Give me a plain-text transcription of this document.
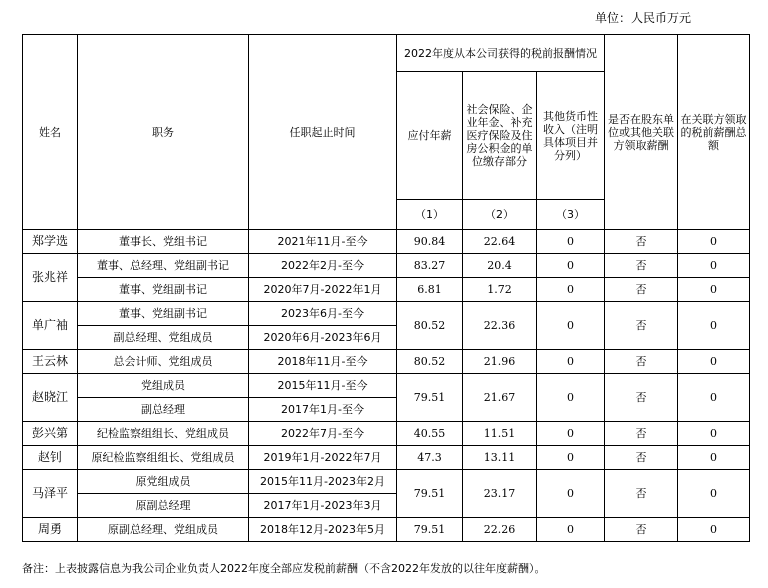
单位：人民币万元
姓名	职务	任职起止时间	2022年度从本公司获得的税前报酬情况			是否在股东单位或其他关联方领取薪酬	在关联方领取的税前薪酬总额
			应付年薪	社会保险、企业年金、补充医疗保险及住房公积金的单位缴存部分	其他货币性收入（注明具体项目并分列）		
			（1）	（2）	（3）		
郑学选	董事长、党组书记	2021年11月-至今	90.84	22.64	0	否	0
张兆祥	董事、总经理、党组副书记	2022年2月-至今	83.27	20.4	0	否	0
	董事、党组副书记	2020年7月-2022年1月	6.81	1.72	0	否	0
单广袖	董事、党组副书记	2023年6月-至今	80.52	22.36	0	否	0
	副总经理、党组成员	2020年6月-2023年6月					
王云林	总会计师、党组成员	2018年11月-至今	80.52	21.96	0	否	0
赵晓江	党组成员	2015年11月-至今	79.51	21.67	0	否	0
	副总经理	2017年1月-至今					
彭兴第	纪检监察组组长、党组成员	2022年7月-至今	40.55	11.51	0	否	0
赵钊	原纪检监察组组长、党组成员	2019年1月-2022年7月	47.3	13.11	0	否	0
马泽平	原党组成员	2015年11月-2023年2月	79.51	23.17	0	否	0
	原副总经理	2017年1月-2023年3月					
周勇	原副总经理、党组成员	2018年12月-2023年5月	79.51	22.26	0	否	0
备注：上表披露信息为我公司企业负责人2022年度全部应发税前薪酬（不含2022年发放的以往年度薪酬）。
